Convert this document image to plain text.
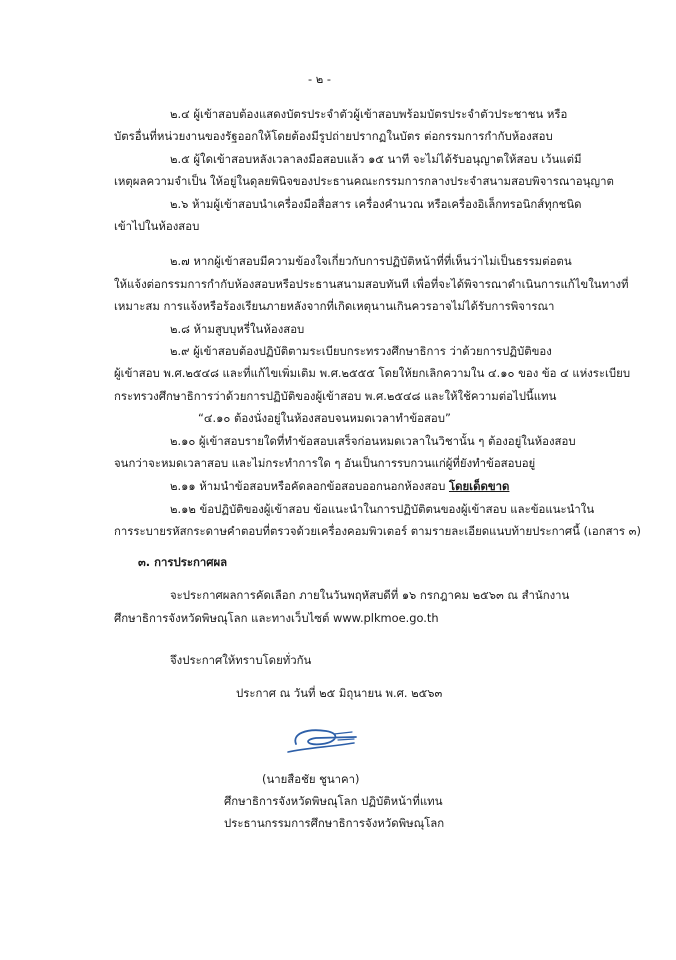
- ๒ -
๒.๔ ผู้เข้าสอบต้องแสดงบัตรประจำตัวผู้เข้าสอบพร้อมบัตรประจำตัวประชาชน หรือ
บัตรอื่นที่หน่วยงานของรัฐออกให้โดยต้องมีรูปถ่ายปรากฏในบัตร ต่อกรรมการกำกับห้องสอบ
๒.๕ ผู้ใดเข้าสอบหลังเวลาลงมือสอบแล้ว ๑๕ นาที จะไม่ได้รับอนุญาตให้สอบ เว้นแต่มี
เหตุผลความจำเป็น ให้อยู่ในดุลยพินิจของประธานคณะกรรมการกลางประจำสนามสอบพิจารณาอนุญาต
๒.๖ ห้ามผู้เข้าสอบนำเครื่องมือสื่อสาร เครื่องคำนวณ หรือเครื่องอิเล็กทรอนิกส์ทุกชนิด
เข้าไปในห้องสอบ
๒.๗ หากผู้เข้าสอบมีความข้องใจเกี่ยวกับการปฏิบัติหน้าที่ที่เห็นว่าไม่เป็นธรรมต่อตน
ให้แจ้งต่อกรรมการกำกับห้องสอบหรือประธานสนามสอบทันที เพื่อที่จะได้พิจารณาดำเนินการแก้ไขในทางที่
เหมาะสม การแจ้งหรือร้องเรียนภายหลังจากที่เกิดเหตุนานเกินควรอาจไม่ได้รับการพิจารณา
๒.๘ ห้ามสูบบุหรี่ในห้องสอบ
๒.๙ ผู้เข้าสอบต้องปฏิบัติตามระเบียบกระทรวงศึกษาธิการ ว่าด้วยการปฏิบัติของ
ผู้เข้าสอบ พ.ศ.๒๕๔๘ และที่แก้ไขเพิ่มเติม พ.ศ.๒๕๕๕ โดยให้ยกเลิกความใน ๔.๑๐ ของ ข้อ ๔ แห่งระเบียบ
กระทรวงศึกษาธิการว่าด้วยการปฏิบัติของผู้เข้าสอบ พ.ศ.๒๕๔๘ และให้ใช้ความต่อไปนี้แทน
“๔.๑๐ ต้องนั่งอยู่ในห้องสอบจนหมดเวลาทำข้อสอบ”
๒.๑๐ ผู้เข้าสอบรายใดที่ทำข้อสอบเสร็จก่อนหมดเวลาในวิชานั้น ๆ ต้องอยู่ในห้องสอบ
จนกว่าจะหมดเวลาสอบ และไม่กระทำการใด ๆ อันเป็นการรบกวนแก่ผู้ที่ยังทำข้อสอบอยู่
๒.๑๑ ห้ามนำข้อสอบหรือคัดลอกข้อสอบออกนอกห้องสอบ โดยเด็ดขาด
๒.๑๒ ข้อปฏิบัติของผู้เข้าสอบ ข้อแนะนำในการปฏิบัติตนของผู้เข้าสอบ และข้อแนะนำใน
การระบายรหัสกระดาษคำตอบที่ตรวจด้วยเครื่องคอมพิวเตอร์ ตามรายละเอียดแนบท้ายประกาศนี้ (เอกสาร ๓)
๓. การประกาศผล
จะประกาศผลการคัดเลือก ภายในวันพฤหัสบดีที่ ๑๖ กรกฎาคม ๒๕๖๓ ณ สำนักงาน
ศึกษาธิการจังหวัดพิษณุโลก และทางเว็บไซต์ www.plkmoe.go.th
จึงประกาศให้ทราบโดยทั่วกัน
ประกาศ ณ วันที่ ๒๕ มิถุนายน พ.ศ. ๒๕๖๓
(นายสือชัย ชูนาคา)
ศึกษาธิการจังหวัดพิษณุโลก ปฏิบัติหน้าที่แทน
ประธานกรรมการศึกษาธิการจังหวัดพิษณุโลก
